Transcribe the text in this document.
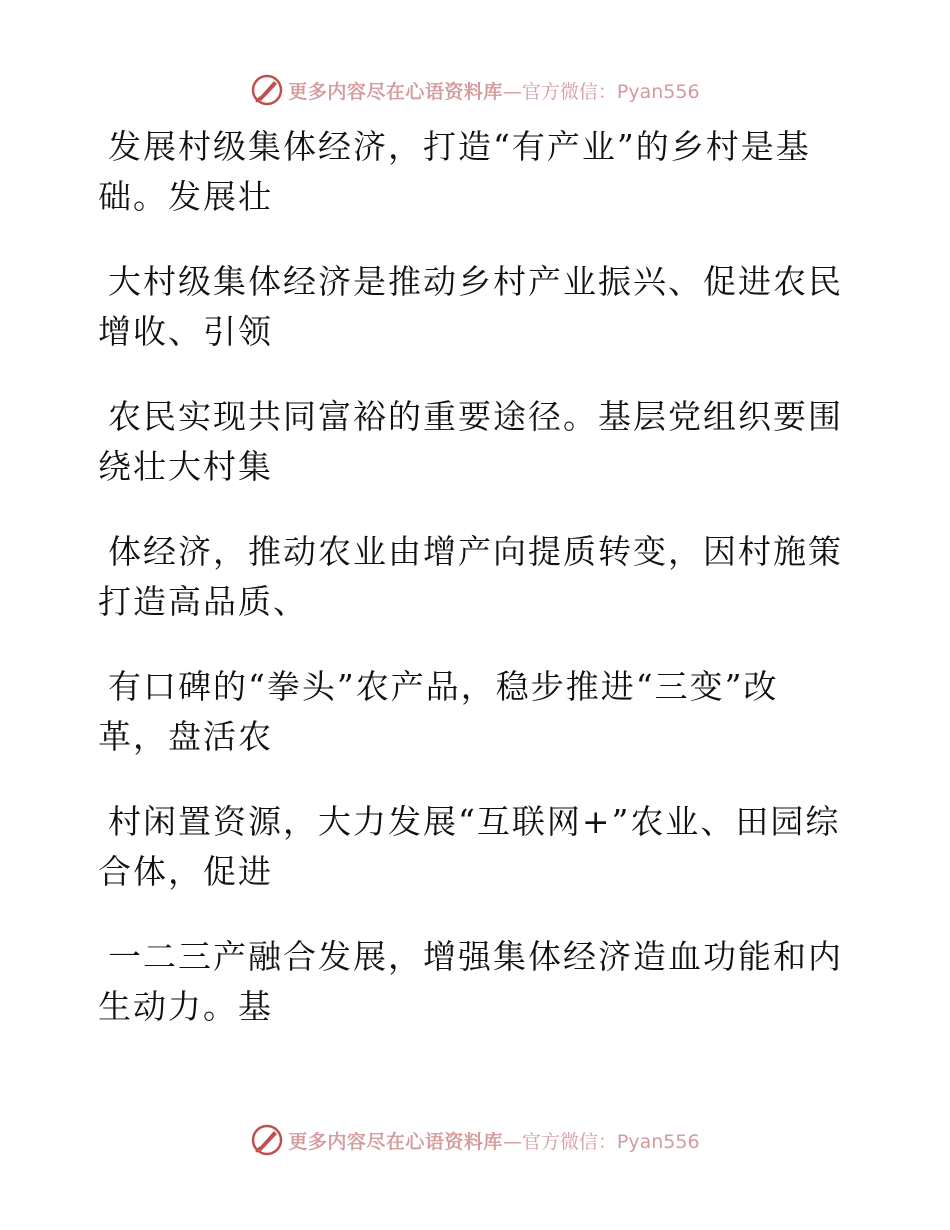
更多内容尽在心语资料库 —官方微信：Pyan556
发展村级集体经济，打造“有产业”的乡村是基
础。发展壮
大村级集体经济是推动乡村产业振兴、促进农民
增收、引领
农民实现共同富裕的重要途径。基层党组织要围
绕壮大村集
体经济，推动农业由增产向提质转变，因村施策
打造高品质、
有口碑的“拳头”农产品，稳步推进“三变”改
革，盘活农
村闲置资源，大力发展“互联网+”农业、田园综
合体，促进
一二三产融合发展，增强集体经济造血功能和内
生动力。基
更多内容尽在心语资料库 —官方微信：Pyan556
